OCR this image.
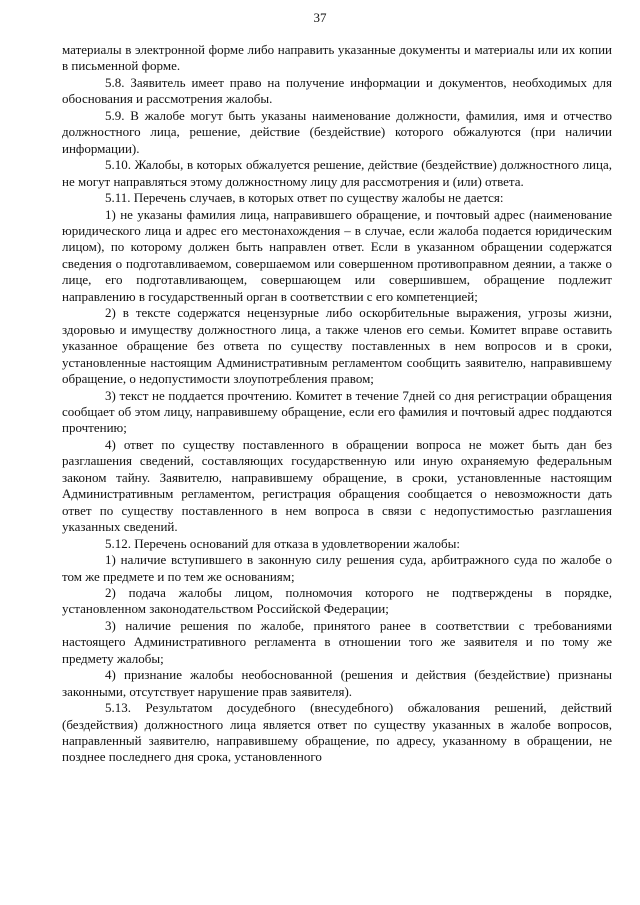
37

материалы в электронной форме либо направить указанные документы и материалы или их копии в письменной форме.

5.8. Заявитель имеет право на получение информации и документов, необходимых для обоснования и рассмотрения жалобы.

5.9. В жалобе могут быть указаны наименование должности, фамилия, имя и отчество должностного лица, решение, действие (бездействие) которого обжалуются (при наличии информации).

5.10. Жалобы, в которых обжалуется решение, действие (бездействие) должностного лица, не могут направляться этому должностному лицу для рассмотрения и (или) ответа.

5.11. Перечень случаев, в которых ответ по существу жалобы не дается:

1) не указаны фамилия лица, направившего обращение, и почтовый адрес (наименование юридического лица и адрес его местонахождения – в случае, если жалоба подается юридическим лицом), по которому должен быть направлен ответ. Если в указанном обращении содержатся сведения о подготавливаемом, совершаемом или совершенном противоправном деянии, а также о лице, его подготавливающем, совершающем или совершившем, обращение подлежит направлению в государственный орган в соответствии с его компетенцией;

2) в тексте содержатся нецензурные либо оскорбительные выражения, угрозы жизни, здоровью и имуществу должностного лица, а также членов его семьи. Комитет вправе оставить указанное обращение без ответа по существу поставленных в нем вопросов и в сроки, установленные настоящим Административным регламентом сообщить заявителю, направившему обращение, о недопустимости злоупотребления правом;

3) текст не поддается прочтению. Комитет в течение 7дней со дня регистрации обращения сообщает об этом лицу, направившему обращение, если его фамилия и почтовый адрес поддаются прочтению;

4) ответ по существу поставленного в обращении вопроса не может быть дан без разглашения сведений, составляющих государственную или иную охраняемую федеральным законом тайну. Заявителю, направившему обращение, в сроки, установленные настоящим Административным регламентом, регистрация обращения сообщается о невозможности дать ответ по существу поставленного в нем вопроса в связи с недопустимостью разглашения указанных сведений.

5.12. Перечень оснований для отказа в удовлетворении жалобы:

1) наличие вступившего в законную силу решения суда, арбитражного суда по жалобе о том же предмете и по тем же основаниям;

2) подача жалобы лицом, полномочия которого не подтверждены в порядке, установленном законодательством Российской Федерации;

3) наличие решения по жалобе, принятого ранее в соответствии с требованиями настоящего Административного регламента в отношении того же заявителя и по тому же предмету жалобы;

4) признание жалобы необоснованной (решения и действия (бездействие) признаны законными, отсутствует нарушение прав заявителя).

5.13. Результатом досудебного (внесудебного) обжалования решений, действий (бездействия) должностного лица является ответ по существу указанных в жалобе вопросов, направленный заявителю, направившему обращение, по адресу, указанному в обращении, не позднее последнего дня срока, установленного
